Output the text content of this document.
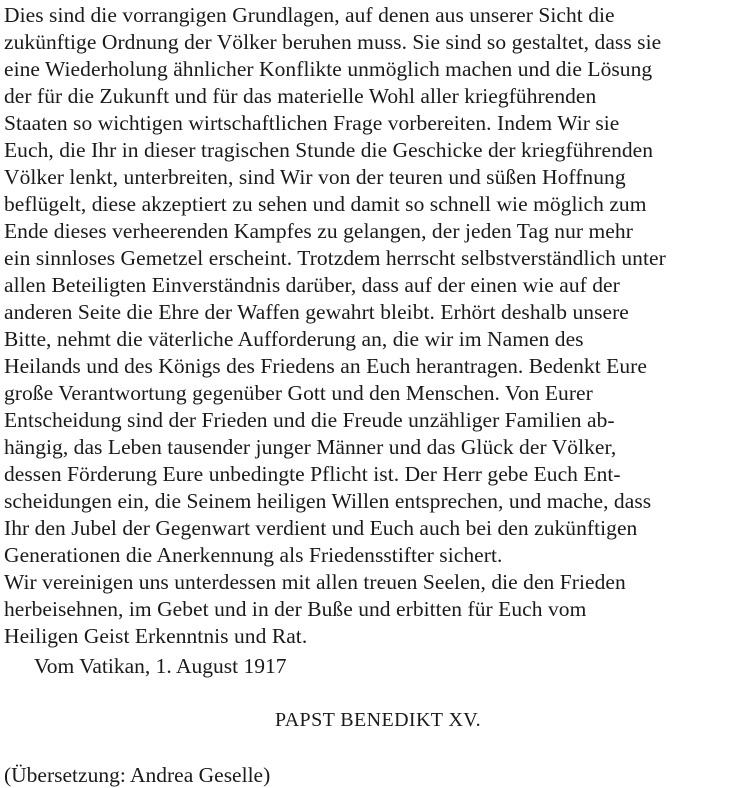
Dies sind die vorrangigen Grundlagen, auf denen aus unserer Sicht die
zukünftige Ordnung der Völker beruhen muss. Sie sind so gestaltet, dass sie
eine Wiederholung ähnlicher Konflikte unmöglich machen und die Lösung
der für die Zukunft und für das materielle Wohl aller kriegführenden
Staaten so wichtigen wirtschaftlichen Frage vorbereiten. Indem Wir sie
Euch, die Ihr in dieser tragischen Stunde die Geschicke der kriegführenden
Völker lenkt, unterbreiten, sind Wir von der teuren und süßen Hoffnung
beflügelt, diese akzeptiert zu sehen und damit so schnell wie möglich zum
Ende dieses verheerenden Kampfes zu gelangen, der jeden Tag nur mehr
ein sinnloses Gemetzel erscheint. Trotzdem herrscht selbstverständlich unter
allen Beteiligten Einverständnis darüber, dass auf der einen wie auf der
anderen Seite die Ehre der Waffen gewahrt bleibt. Erhört deshalb unsere
Bitte, nehmt die väterliche Aufforderung an, die wir im Namen des
Heilands und des Königs des Friedens an Euch herantragen. Bedenkt Eure
große Verantwortung gegenüber Gott und den Menschen. Von Eurer
Entscheidung sind der Frieden und die Freude unzähliger Familien ab-
hängig, das Leben tausender junger Männer und das Glück der Völker,
dessen Förderung Eure unbedingte Pflicht ist. Der Herr gebe Euch Ent-
scheidungen ein, die Seinem heiligen Willen entsprechen, und mache, dass
Ihr den Jubel der Gegenwart verdient und Euch auch bei den zukünftigen
Generationen die Anerkennung als Friedensstifter sichert.
Wir vereinigen uns unterdessen mit allen treuen Seelen, die den Frieden
herbeisehnen, im Gebet und in der Buße und erbitten für Euch vom
Heiligen Geist Erkenntnis und Rat.
Vom Vatikan, 1. August 1917
PAPST BENEDIKT XV.
(Übersetzung: Andrea Geselle)
